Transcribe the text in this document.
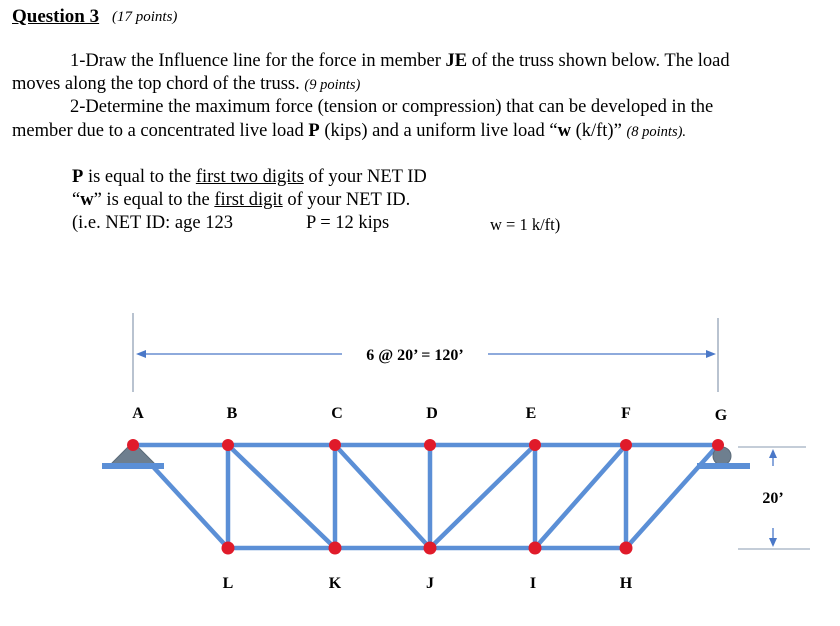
Question 3 (17 points)
1-Draw the Influence line for the force in member JE of the truss shown below. The load
moves along the top chord of the truss. (9 points)
2-Determine the maximum force (tension or compression) that can be developed in the
member due to a concentrated live load P (kips) and a uniform live load “w (k/ft)” (8 points).
P is equal to the first two digits of your NET ID
“w” is equal to the first digit of your NET ID.
(i.e. NET ID: age 123	P = 12 kips	w = 1 k/ft)
6 @ 20’ = 120’
20’
A	B	C	D	E	F	G
L	K	J	I	H
